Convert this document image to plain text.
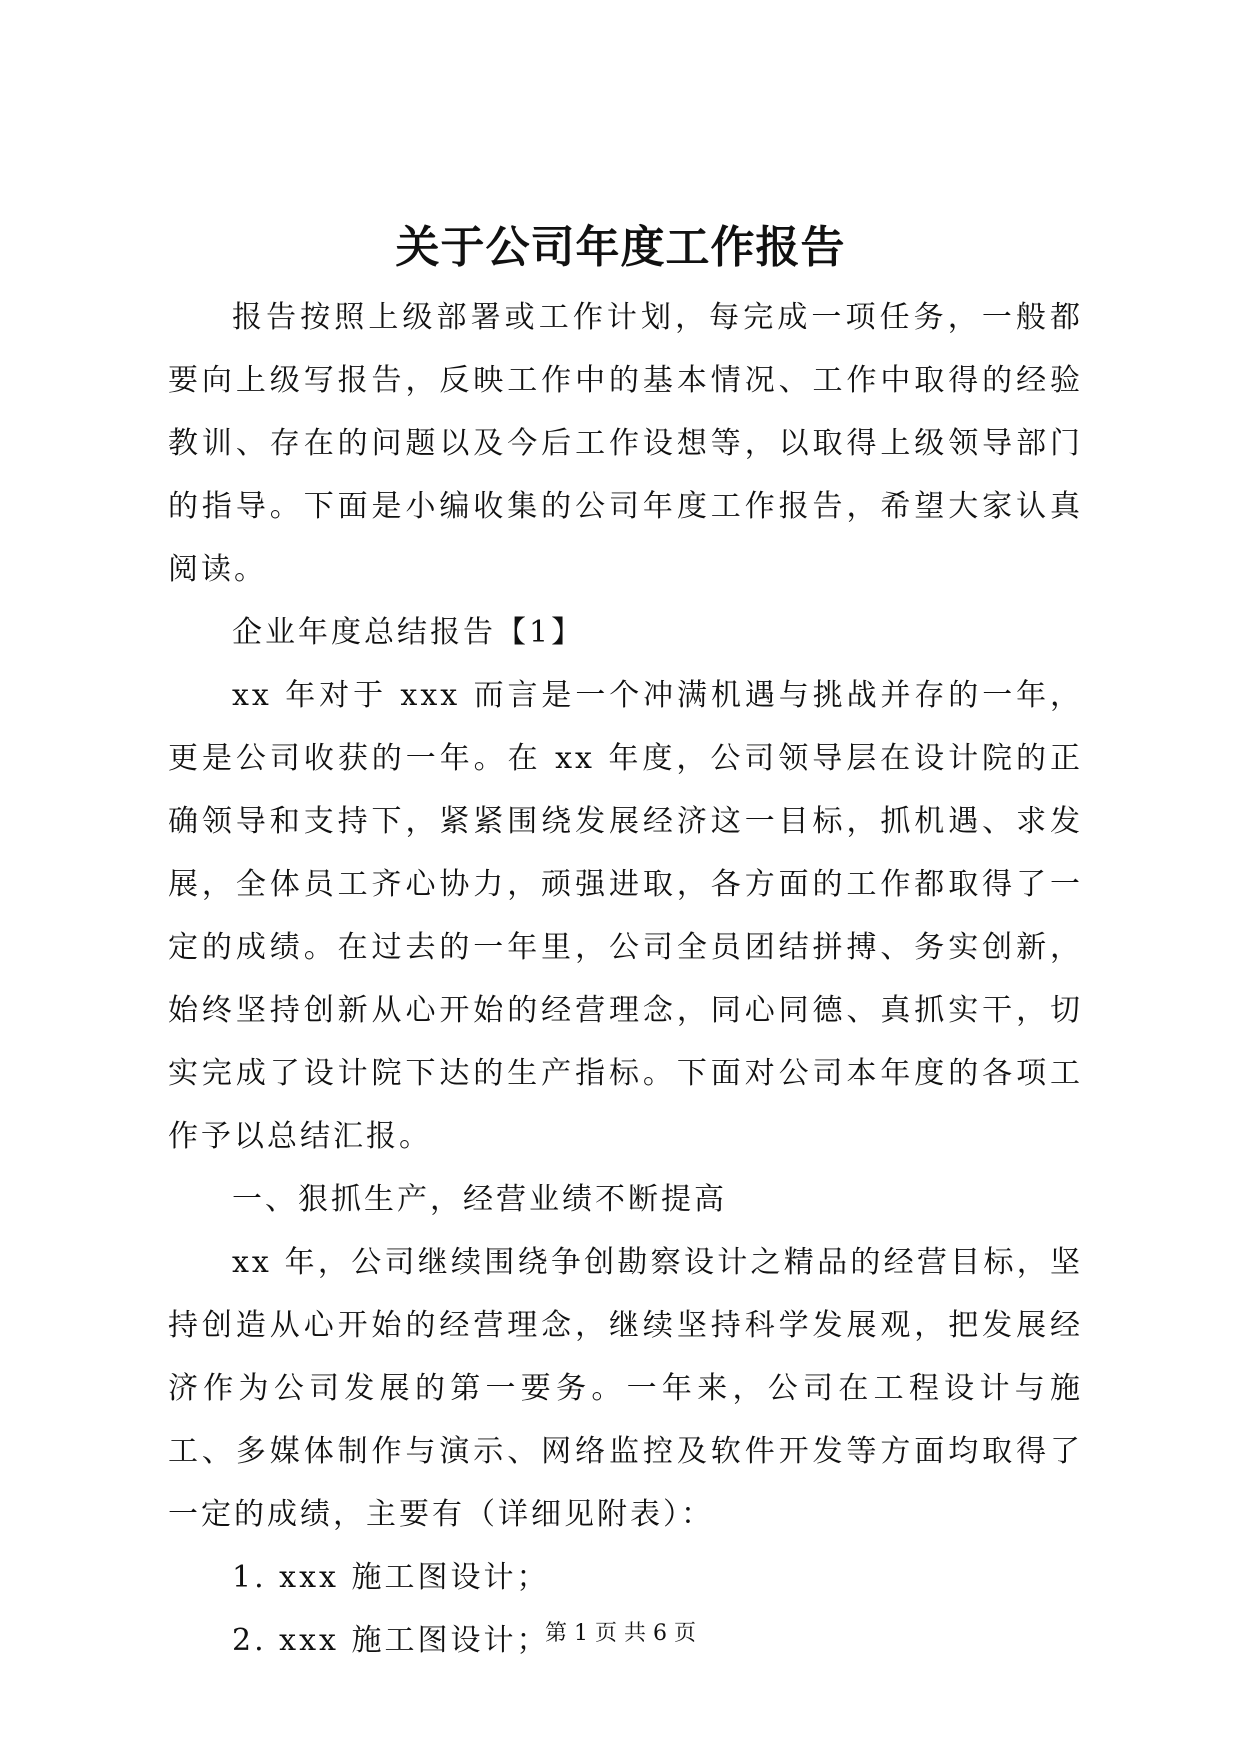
关于公司年度工作报告

报告按照上级部署或工作计划，每完成一项任务，一般都要向上级写报告，反映工作中的基本情况、工作中取得的经验教训、存在的问题以及今后工作设想等，以取得上级领导部门的指导。下面是小编收集的公司年度工作报告，希望大家认真阅读。

企业年度总结报告【1】

xx 年对于 xxx 而言是一个冲满机遇与挑战并存的一年，更是公司收获的一年。在 xx 年度，公司领导层在设计院的正确领导和支持下，紧紧围绕发展经济这一目标，抓机遇、求发展，全体员工齐心协力，顽强进取，各方面的工作都取得了一定的成绩。在过去的一年里，公司全员团结拼搏、务实创新，始终坚持创新从心开始的经营理念，同心同德、真抓实干，切实完成了设计院下达的生产指标。下面对公司本年度的各项工作予以总结汇报。

一、狠抓生产，经营业绩不断提高

xx 年，公司继续围绕争创勘察设计之精品的经营目标，坚持创造从心开始的经营理念，继续坚持科学发展观，把发展经济作为公司发展的第一要务。一年来，公司在工程设计与施工、多媒体制作与演示、网络监控及软件开发等方面均取得了一定的成绩，主要有（详细见附表）：

1. xxx 施工图设计；

2. xxx 施工图设计；

第 1 页 共 6 页
